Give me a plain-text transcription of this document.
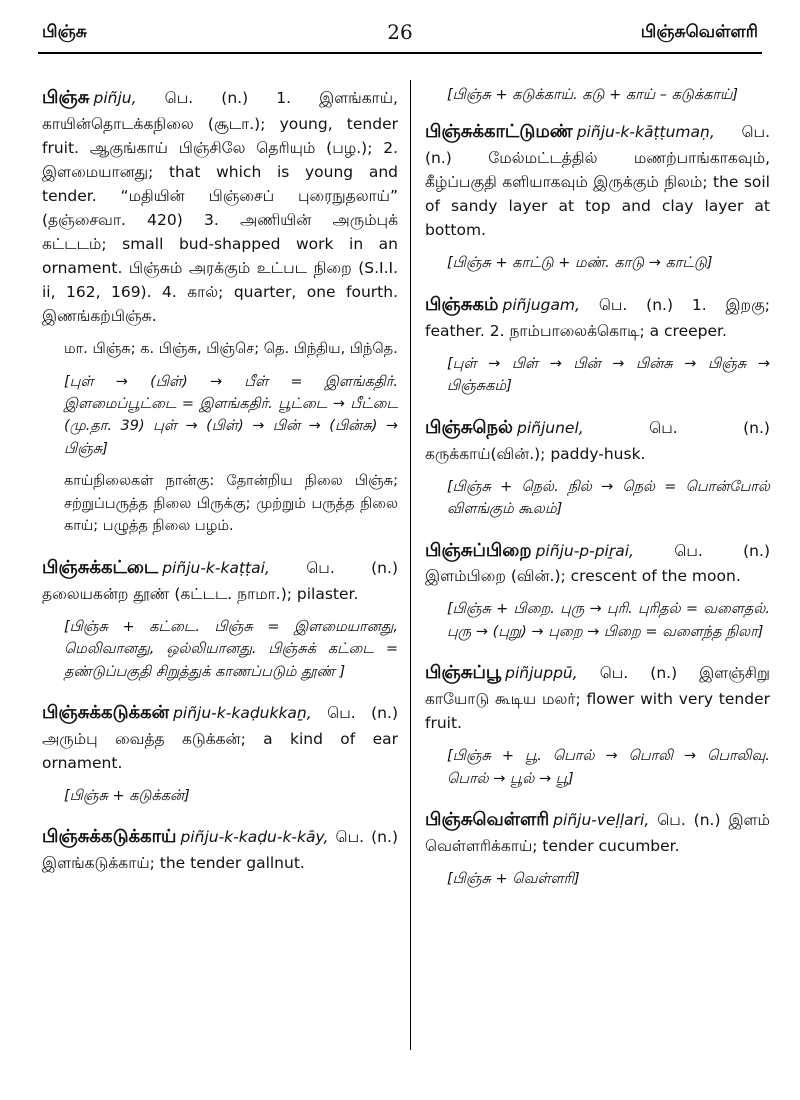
பிஞ்சு	26	பிஞ்சுவெள்ளரி
பிஞ்சு piñju, பெ. (n.) 1. இளங்காய், காயின்தொடக்கநிலை (சூடா.); young, tender fruit. ஆகுங்காய் பிஞ்சிலே தெரியும் (பழ.); 2. இளமையானது; that which is young and tender. “மதியின் பிஞ்சைப் புரைநுதலாய்” (தஞ்சைவா. 420) 3. அணியின் அரும்புக் கட்டடம்; small bud-shapped work in an ornament. பிஞ்சும் அரக்கும் உட்பட நிறை (S.I.I. ii, 162, 169). 4. கால்; quarter, one fourth. இணங்கற்பிஞ்சு.
மா. பிஞ்சு; க. பிஞ்சு, பிஞ்செ; தெ. பிந்திய, பிந்தெ.
[புள் → (பிள்) → பீள் = இளங்கதிர். இளமைப்பூட்டை = இளங்கதிர். பூட்டை → பீட்டை (மு.தா. 39) புள் → (பிள்) → பின் → (பின்சு) → பிஞ்சு]
காய்நிலைகள் நான்கு: தோன்றிய நிலை பிஞ்சு; சற்றுப்பருத்த நிலை பிருக்கு; முற்றும் பருத்த நிலை காய்; பழுத்த நிலை பழம்.
பிஞ்சுக்கட்டை piñju-k-kaṭṭai, பெ. (n.) தலையகன்ற தூண் (கட்டட. நாமா.); pilaster.
[பிஞ்சு + கட்டை. பிஞ்சு = இளமையானது, மெலிவானது, ஒல்லியானது. பிஞ்சுக் கட்டை = தண்டுப்பகுதி சிறுத்துக் காணப்படும் தூண் ]
பிஞ்சுக்கடுக்கன் piñju-k-kaḍukkaṉ, பெ. (n.) அரும்பு வைத்த கடுக்கன்; a kind of ear ornament.
[பிஞ்சு + கடுக்கன்]
பிஞ்சுக்கடுக்காய் piñju-k-kaḍu-k-kāy, பெ. (n.) இளங்கடுக்காய்; the tender gallnut.
[பிஞ்சு + கடுக்காய். கடு + காய் – கடுக்காய்]
பிஞ்சுக்காட்டுமண் piñju-k-kāṭṭumaṇ, பெ. (n.) மேல்மட்டத்தில் மணற்பாங்காகவும், கீழ்ப்பகுதி களியாகவும் இருக்கும் நிலம்; the soil of sandy layer at top and clay layer at bottom.
[பிஞ்சு + காட்டு + மண். காடு → காட்டு]
பிஞ்சுகம் piñjugam, பெ. (n.) 1. இறகு; feather. 2. நாம்பாலைக்கொடி; a creeper.
[புள் → பிள் → பின் → பின்சு → பிஞ்சு → பிஞ்சுகம்]
பிஞ்சுநெல் piñjunel,	பெ. (n.) கருக்காய்(வின்.); paddy-husk.
[பிஞ்சு + நெல். நில் → நெல் = பொன்போல் விளங்கும் கூலம்]
பிஞ்சுப்பிறை piñju-p-piṟai,	பெ. (n.) இளம்பிறை (வின்.); crescent of the moon.
[பிஞ்சு + பிறை. புரு → புரி. புரிதல் = வளைதல். புரு → (புறு) → புறை → பிறை = வளைந்த நிலா]
பிஞ்சுப்பூ piñjuppū, பெ. (n.) இளஞ்சிறு காயோடு கூடிய மலர்; flower with very tender fruit.
[பிஞ்சு + பூ. பொல் → பொலி → பொலிவு. பொல் → பூல் → பூ]
பிஞ்சுவெள்ளரி piñju-veḷḷari, பெ. (n.) இளம் வெள்ளரிக்காய்; tender cucumber.
[பிஞ்சு + வெள்ளரி]
